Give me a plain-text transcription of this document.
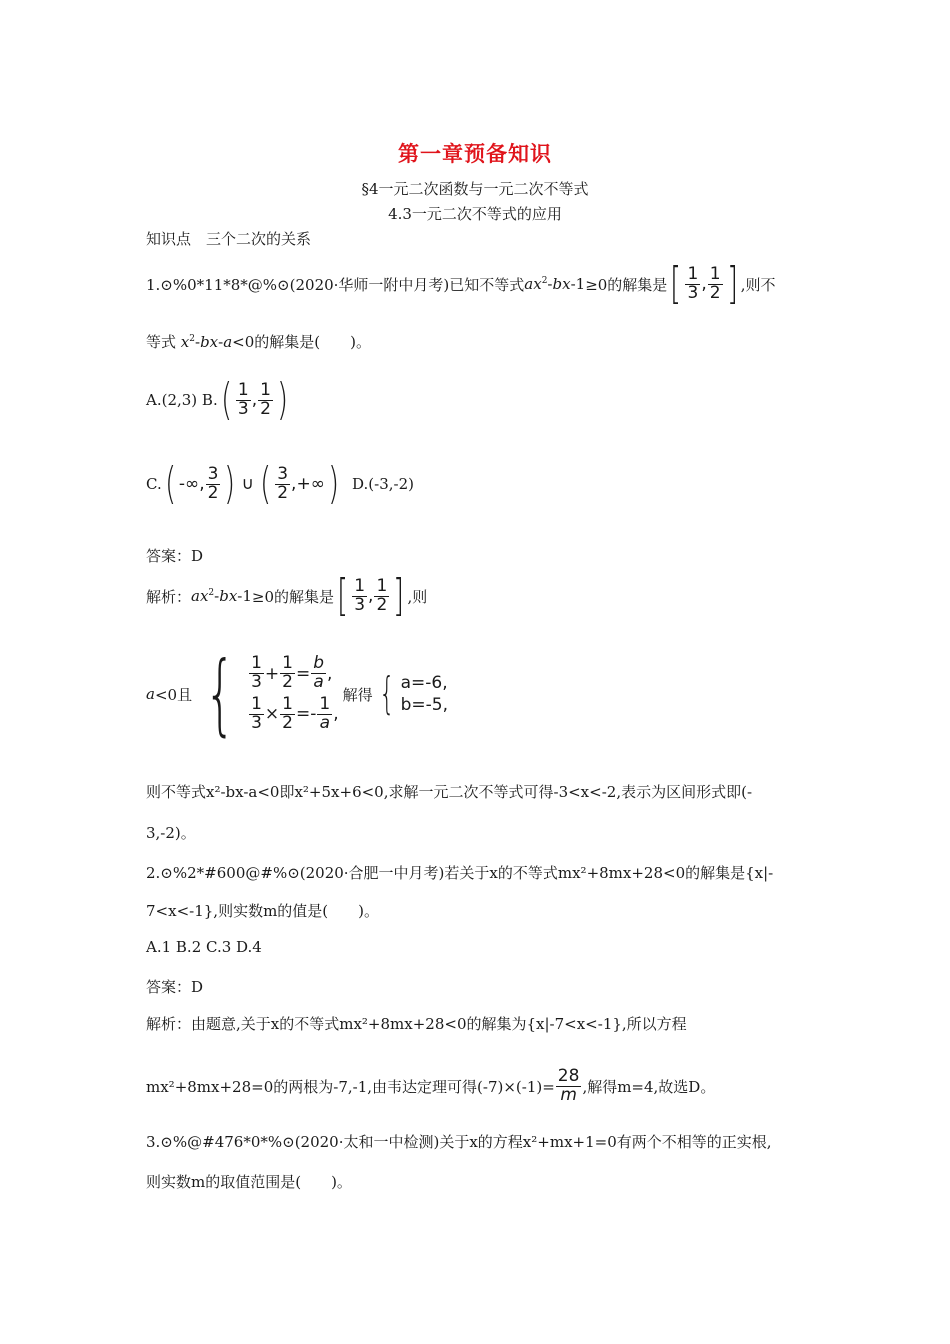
第一章预备知识
§4一元二次函数与一元二次不等式
4.3一元二次不等式的应用
知识点　三个二次的关系
1.⊙%0*11*8*@%⊙(2020·华师一附中月考)已知不等式 $ax^2-bx-1 \ge 0$的解集是 [ $\frac{1}{3}$ , $\frac{1}{2}$ ] ,则不
等式 $x^2-bx-a<0$的解集是(　　)。
A.(2,3) B. ( $\frac{1}{3}$ , $\frac{1}{2}$ )
C. ( -∞ , $\frac{3}{2}$ ) ∪ ( $\frac{3}{2}$ , +∞ ) D.(-3,-2)
答案：D
解析： $ax^2-bx-1 \ge 0$的解集是 [ $\frac{1}{3}$ , $\frac{1}{2}$ ] ,则
a <0且 { $\frac{1}{3} + \frac{1}{2} = \frac{b}{a}$ ,
$\frac{1}{3} \times \frac{1}{2} =- \frac{1}{a}$ ,
解得 { a=-6,
b=-5,
则不等式x²-bx-a<0即x²+5x+6<0,求解一元二次不等式可得-3<x<-2,表示为区间形式即(-
3,-2)。
2.⊙%2*#600@#%⊙(2020·合肥一中月考)若关于x的不等式mx²+8mx+28<0的解集是{x|-
7<x<-1},则实数m的值是(　　)。
A.1 B.2 C.3 D.4
答案：D
解析：由题意,关于x的不等式mx²+8mx+28<0的解集为{x|-7<x<-1},所以方程
mx²+8mx+28=0的两根为-7,-1,由韦达定理可得$(-7)\times(-1)= \frac{28}{m}$ ,解得m=4,故选D。
3.⊙%@#476*0*%⊙(2020·太和一中检测)关于x的方程x²+mx+1=0有两个不相等的正实根,
则实数m的取值范围是(　　)。
